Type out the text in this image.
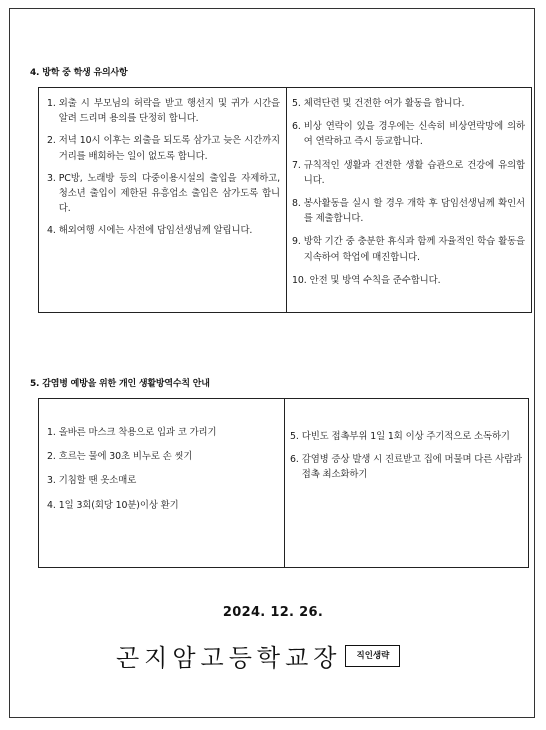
4. 방학 중 학생 유의사항
1. 외출 시 부모님의 허락을 받고 행선지 및 귀가 시간을 알려 드리며 용의를 단정히 합니다.
2. 저녁 10시 이후는 외출을 되도록 삼가고 늦은 시간까지 거리를 배회하는 일이 없도록 합니다.
3. PC방, 노래방 등의 다중이용시설의 출입을 자제하고, 청소년 출입이 제한된 유흥업소 출입은 삼가도록 합니다.
4. 해외여행 시에는 사전에 담임선생님께 알립니다.
5. 체력단련 및 건전한 여가 활동을 합니다.
6. 비상 연락이 있을 경우에는 신속히 비상연락망에 의하여 연락하고 즉시 등교합니다.
7. 규칙적인 생활과 건전한 생활 습관으로 건강에 유의합니다.
8. 봉사활동을 실시 할 경우 개학 후 담임선생님께 확인서를 제출합니다.
9. 방학 기간 중 충분한 휴식과 함께 자율적인 학습 활동을 지속하여 학업에 매진합니다.
10. 안전 및 방역 수칙을 준수합니다.
5. 감염병 예방을 위한 개인 생활방역수칙 안내
1. 올바른 마스크 착용으로 입과 코 가리기
2. 흐르는 물에 30초 비누로 손 씻기
3. 기침할 땐 옷소매로
4. 1일 3회(회당 10분)이상 환기
5. 다빈도 접촉부위 1일 1회 이상 주기적으로 소독하기
6. 감염병 증상 발생 시 진료받고 집에 머물며 다른 사람과 접촉 최소화하기
2024. 12. 26.
곤지암고등학교장	직인생략
